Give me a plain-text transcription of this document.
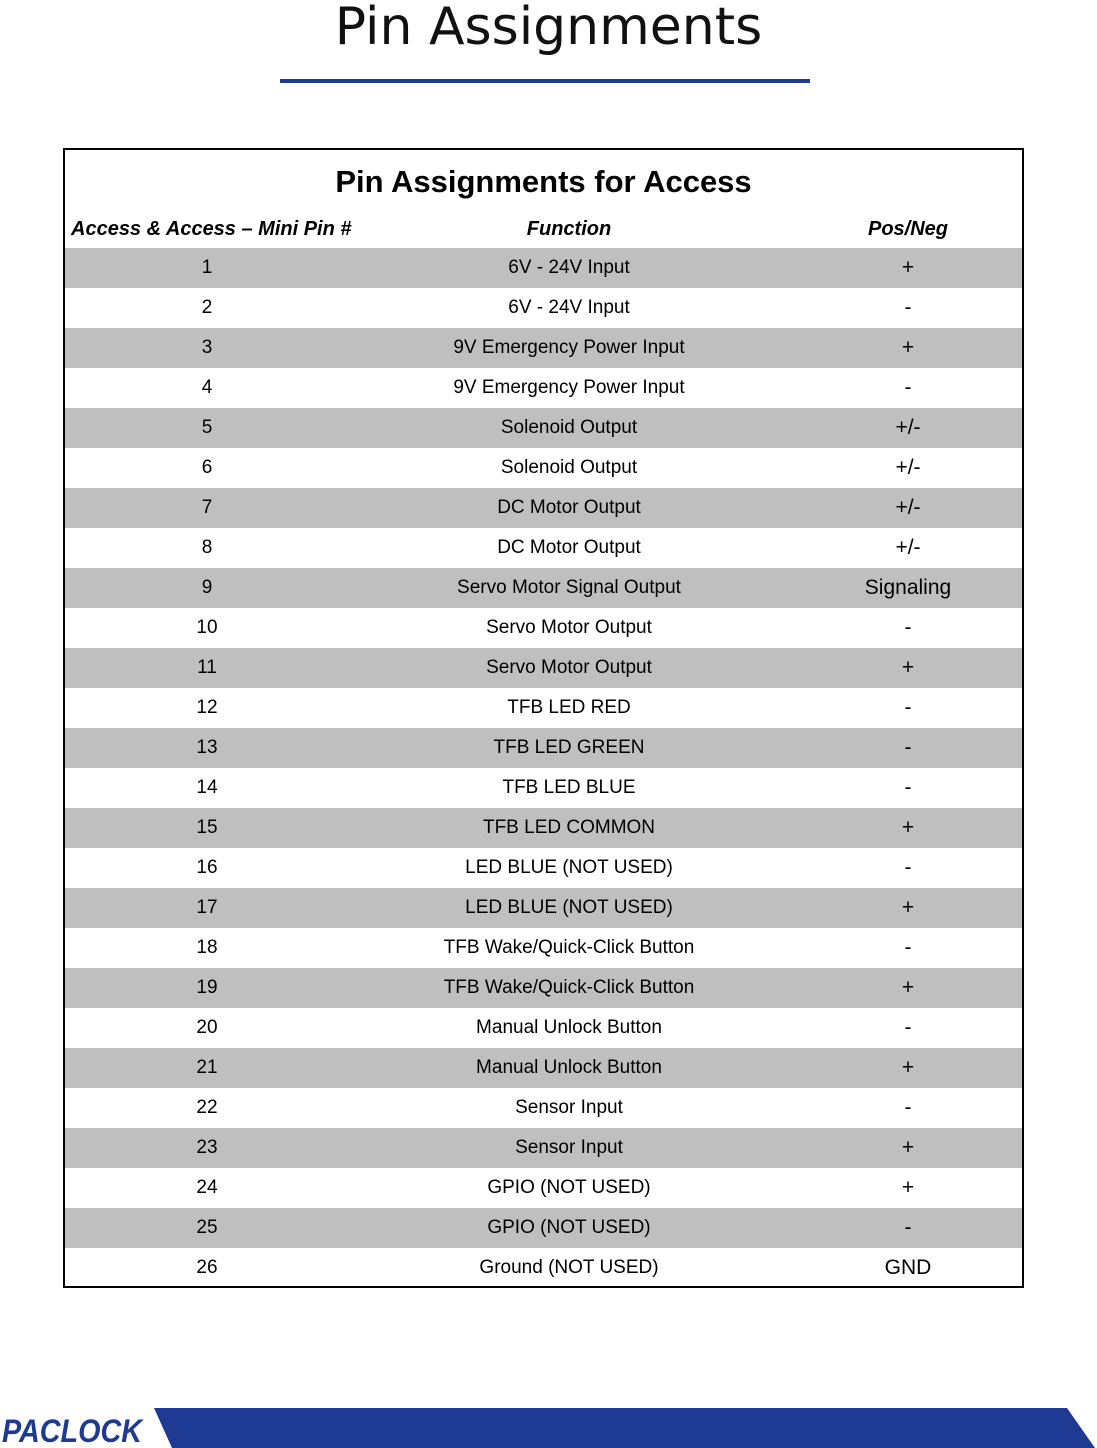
Pin Assignments
Pin Assignments for Access
Access & Access – Mini Pin #	Function	Pos/Neg
1	6V - 24V Input	+
2	6V - 24V Input	-
3	9V Emergency Power Input	+
4	9V Emergency Power Input	-
5	Solenoid Output	+/-
6	Solenoid Output	+/-
7	DC Motor Output	+/-
8	DC Motor Output	+/-
9	Servo Motor Signal Output	Signaling
10	Servo Motor Output	-
11	Servo Motor Output	+
12	TFB LED RED	-
13	TFB LED GREEN	-
14	TFB LED BLUE	-
15	TFB LED COMMON	+
16	LED BLUE (NOT USED)	-
17	LED BLUE (NOT USED)	+
18	TFB Wake/Quick-Click Button	-
19	TFB Wake/Quick-Click Button	+
20	Manual Unlock Button	-
21	Manual Unlock Button	+
22	Sensor Input	-
23	Sensor Input	+
24	GPIO (NOT USED)	+
25	GPIO (NOT USED)	-
26	Ground (NOT USED)	GND
PACLOCK
